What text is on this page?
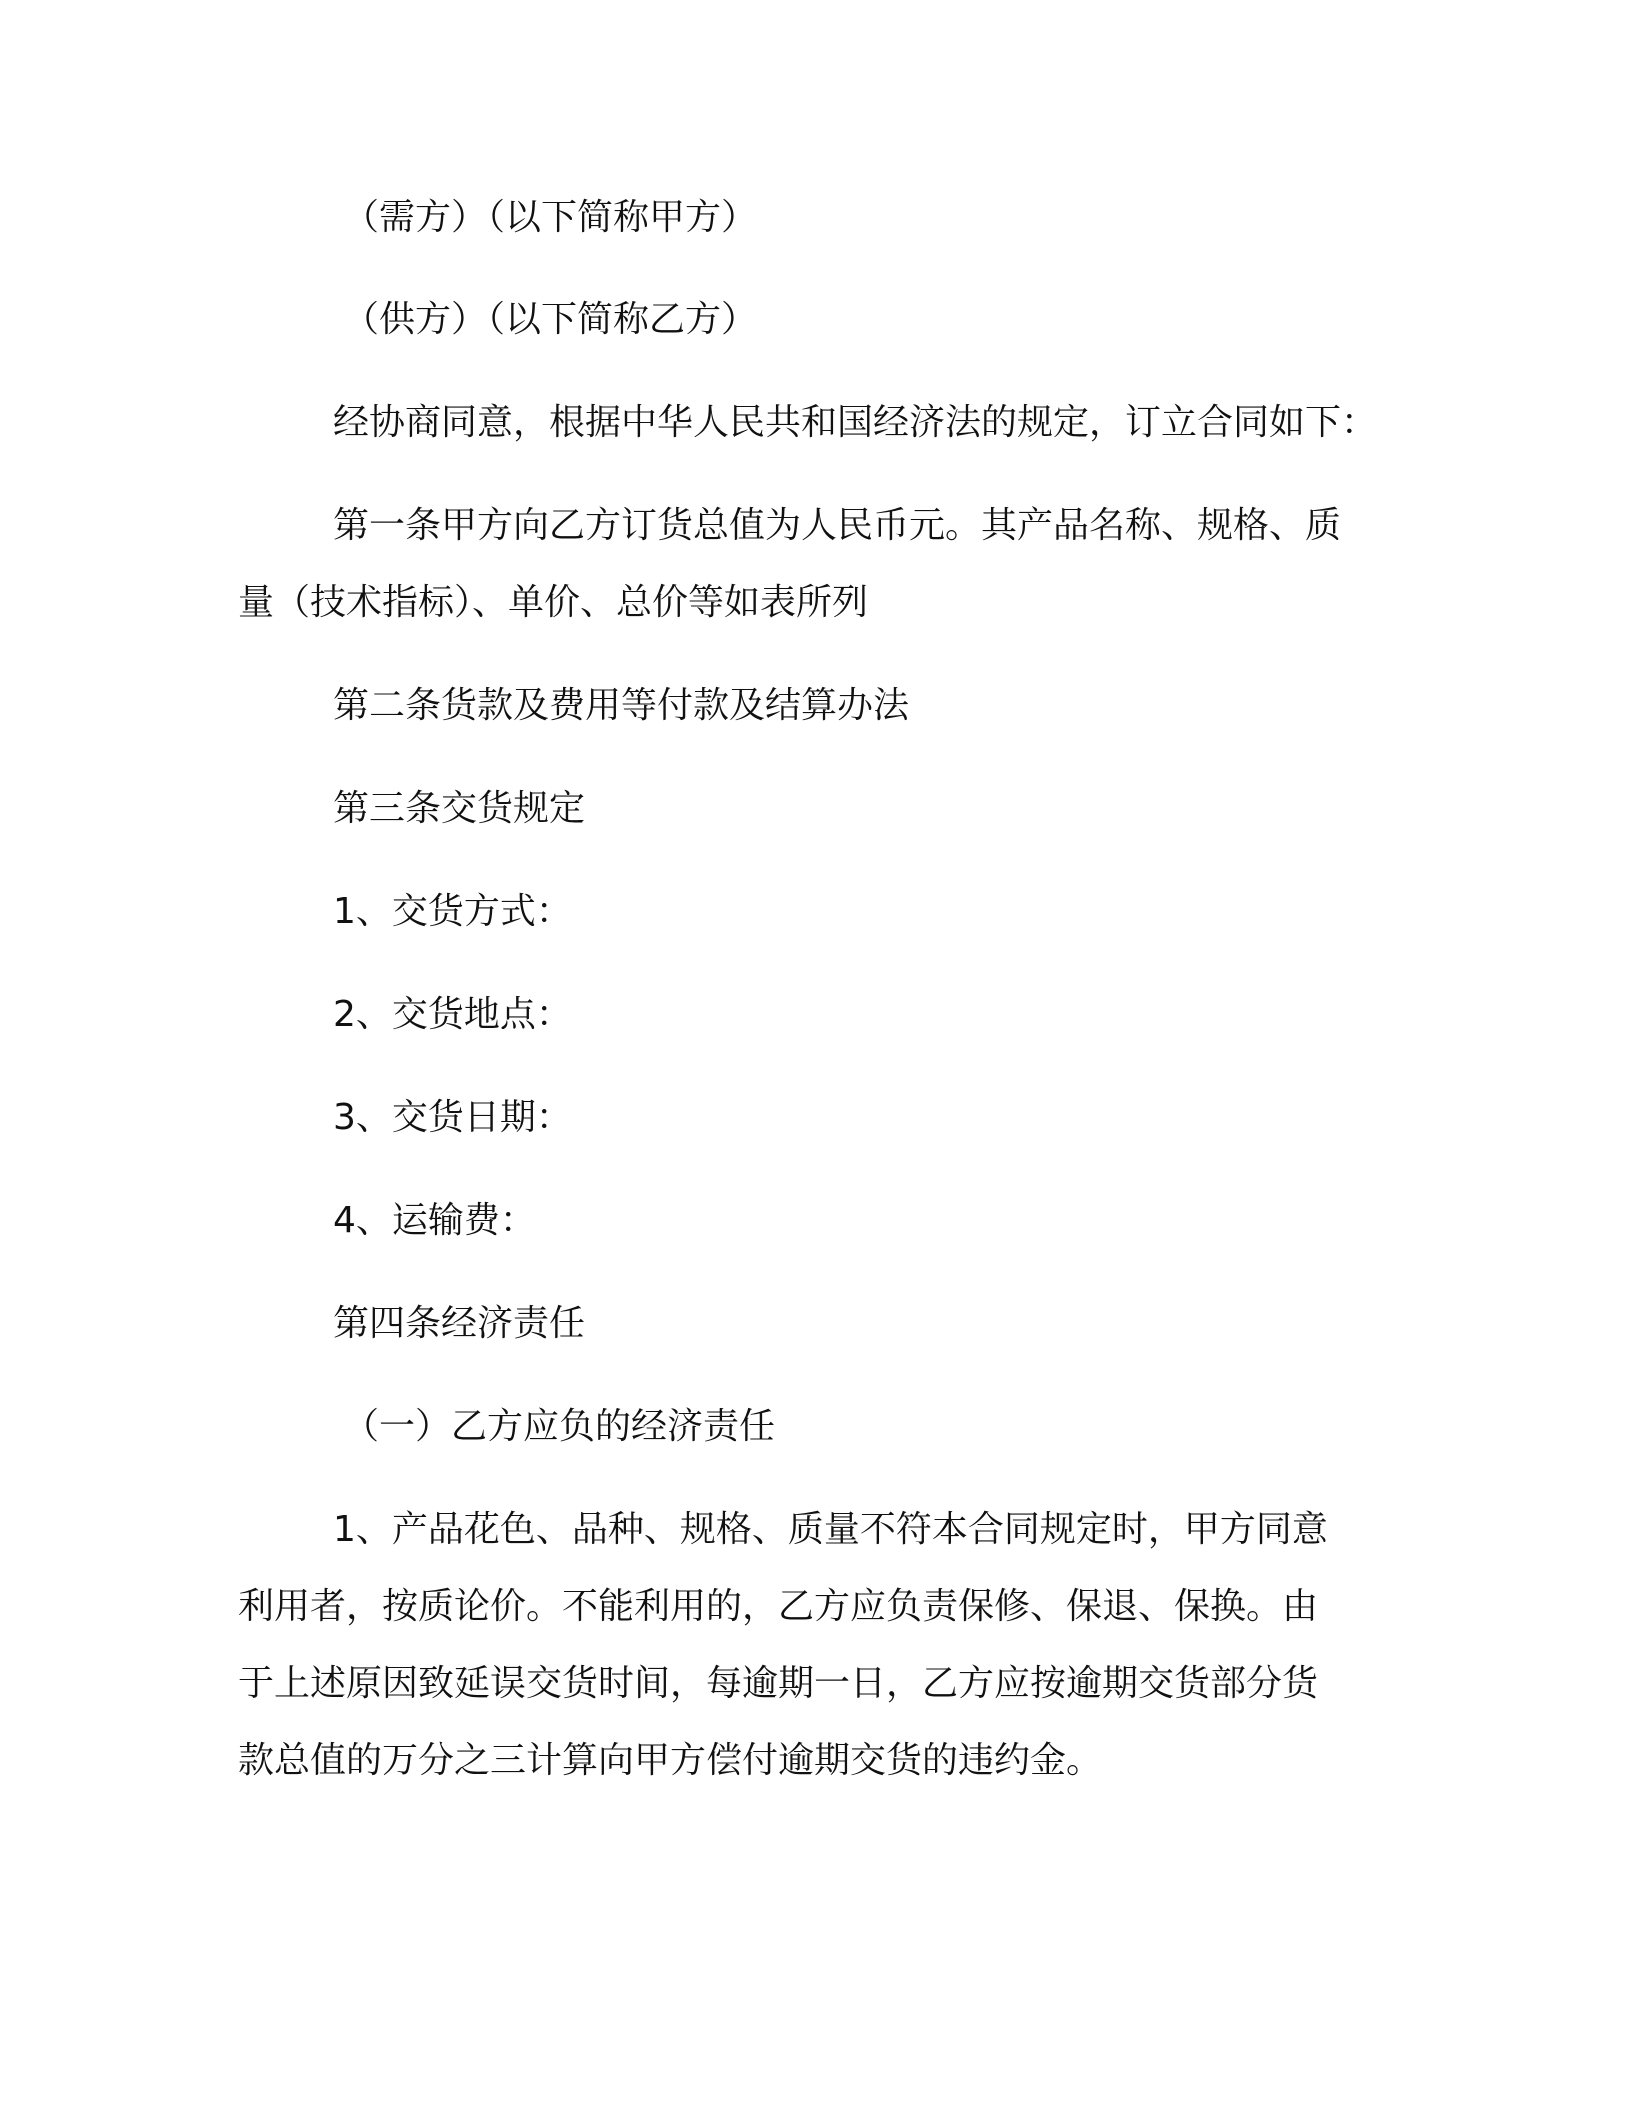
（需方）（以下简称甲方）
（供方）（以下简称乙方）
经协商同意，根据中华人民共和国经济法的规定，订立合同如下：
第一条甲方向乙方订货总值为人民币元。其产品名称、规格、质
量（技术指标）、单价、总价等如表所列
第二条货款及费用等付款及结算办法
第三条交货规定
1、交货方式：
2、交货地点：
3、交货日期：
4、运输费：
第四条经济责任
（一）乙方应负的经济责任
1、产品花色、品种、规格、质量不符本合同规定时，甲方同意
利用者，按质论价。不能利用的，乙方应负责保修、保退、保换。由
于上述原因致延误交货时间，每逾期一日，乙方应按逾期交货部分货
款总值的万分之三计算向甲方偿付逾期交货的违约金。
